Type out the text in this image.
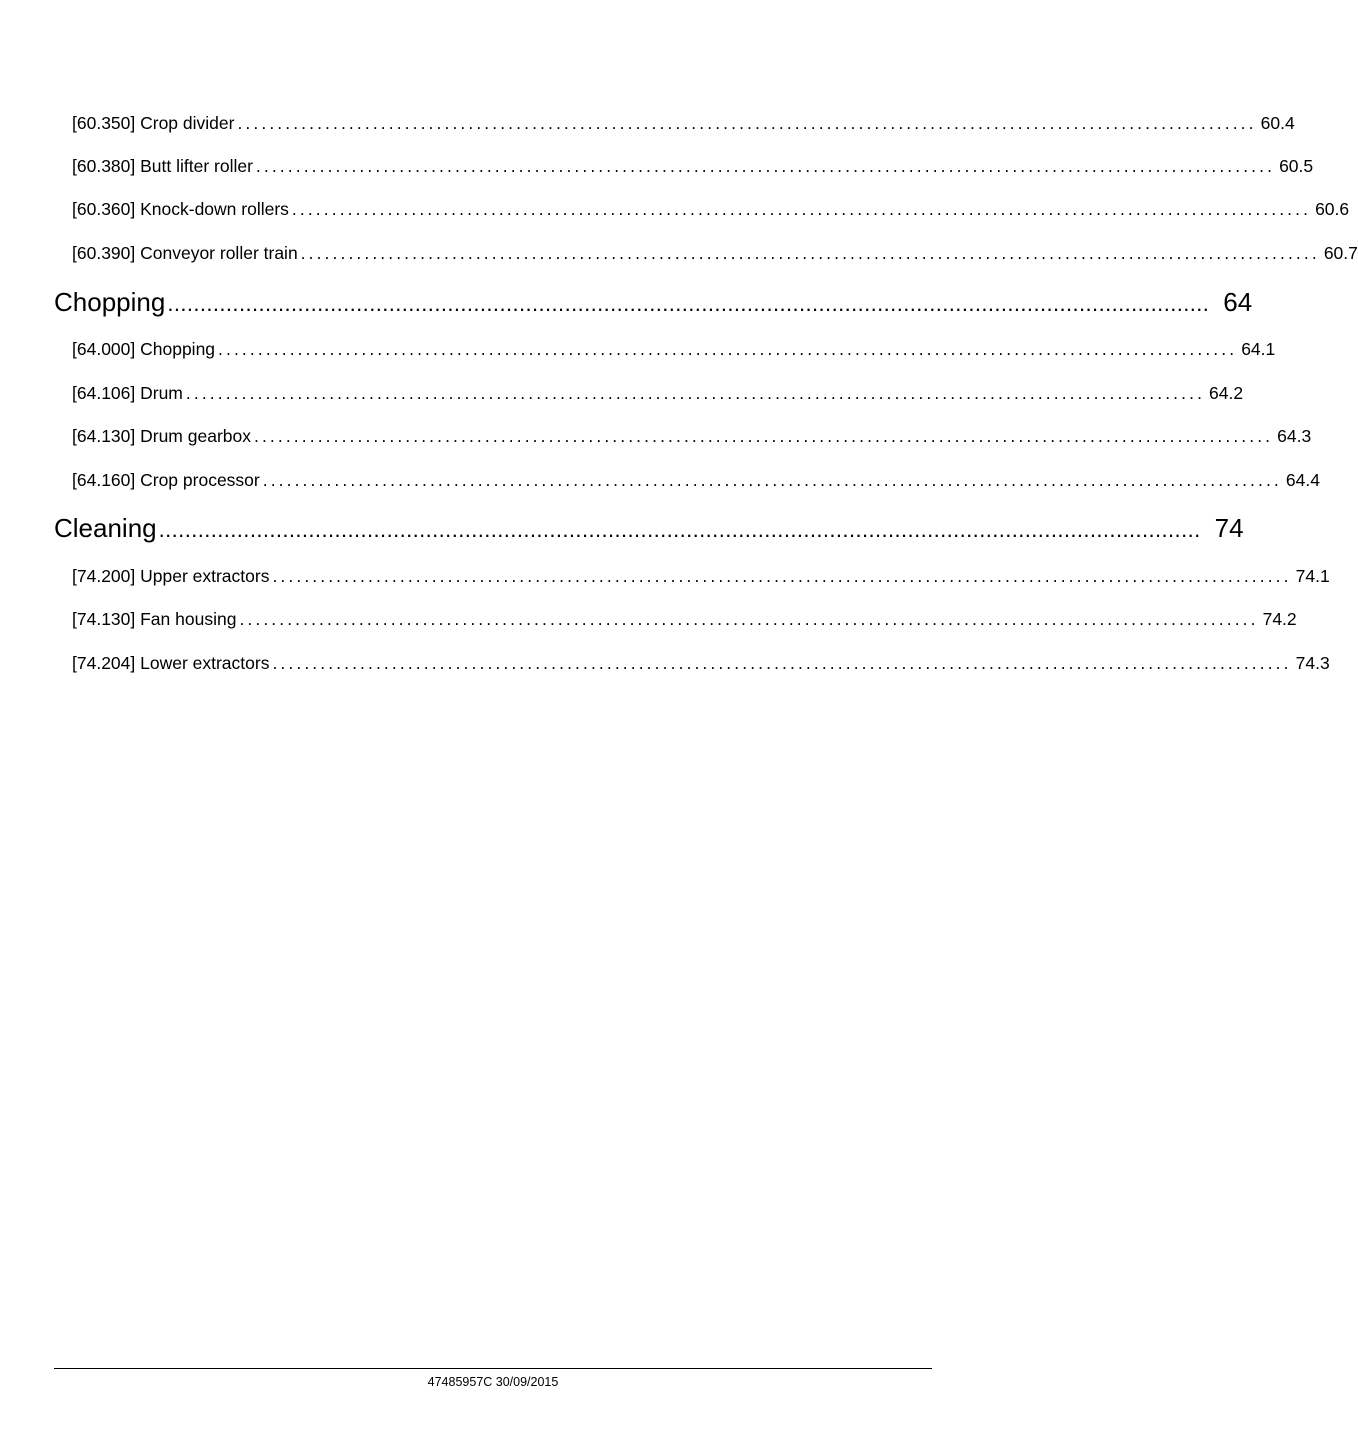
[60.350] Crop divider ................................................................................................................................ 60.4
[60.380] Butt lifter roller ................................................................................................................................ 60.5
[60.360] Knock-down rollers ................................................................................................................................ 60.6
[60.390] Conveyor roller train ................................................................................................................................ 60.7
Chopping ................................................................................................................................................................ 64
[64.000] Chopping ................................................................................................................................ 64.1
[64.106] Drum ................................................................................................................................ 64.2
[64.130] Drum gearbox ................................................................................................................................ 64.3
[64.160] Crop processor ................................................................................................................................ 64.4
Cleaning ................................................................................................................................................................ 74
[74.200] Upper extractors ................................................................................................................................ 74.1
[74.130] Fan housing ................................................................................................................................ 74.2
[74.204] Lower extractors ................................................................................................................................ 74.3
47485957C 30/09/2015
